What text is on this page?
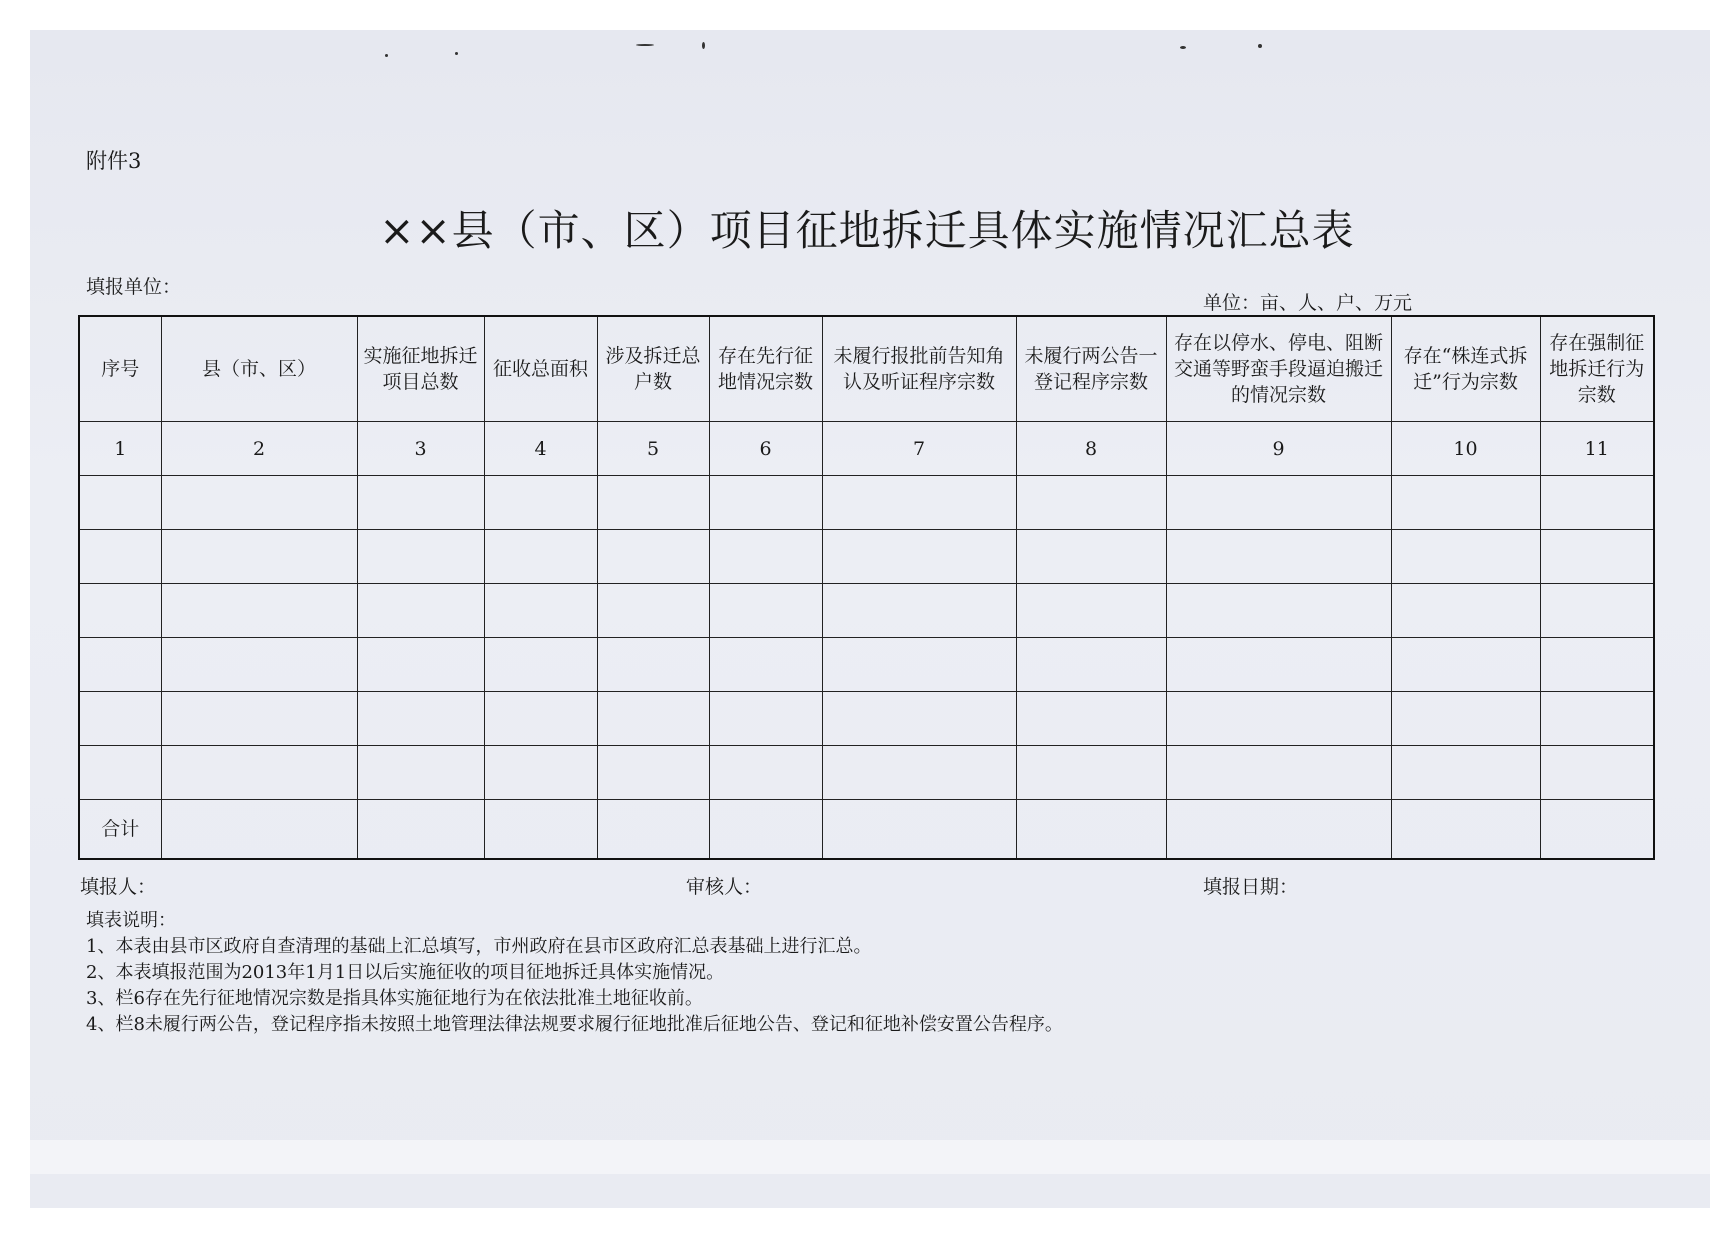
附件3
××县（市、区）项目征地拆迁具体实施情况汇总表
填报单位：
单位：亩、人、户、万元
序号	县（市、区）	实施征地拆迁项目总数	征收总面积	涉及拆迁总户数	存在先行征地情况宗数	未履行报批前告知角认及听证程序宗数	未履行两公告一登记程序宗数	存在以停水、停电、阻断交通等野蛮手段逼迫搬迁的情况宗数	存在“株连式拆迁”行为宗数	存在强制征地拆迁行为宗数
1	2	3	4	5	6	7	8	9	10	11

合计										
填报人：	审核人：	填报日期：
填表说明：
1、本表由县市区政府自查清理的基础上汇总填写，市州政府在县市区政府汇总表基础上进行汇总。
2、本表填报范围为2013年1月1日以后实施征收的项目征地拆迁具体实施情况。
3、栏6存在先行征地情况宗数是指具体实施征地行为在依法批准土地征收前。
4、栏8未履行两公告，登记程序指未按照土地管理法律法规要求履行征地批准后征地公告、登记和征地补偿安置公告程序。
